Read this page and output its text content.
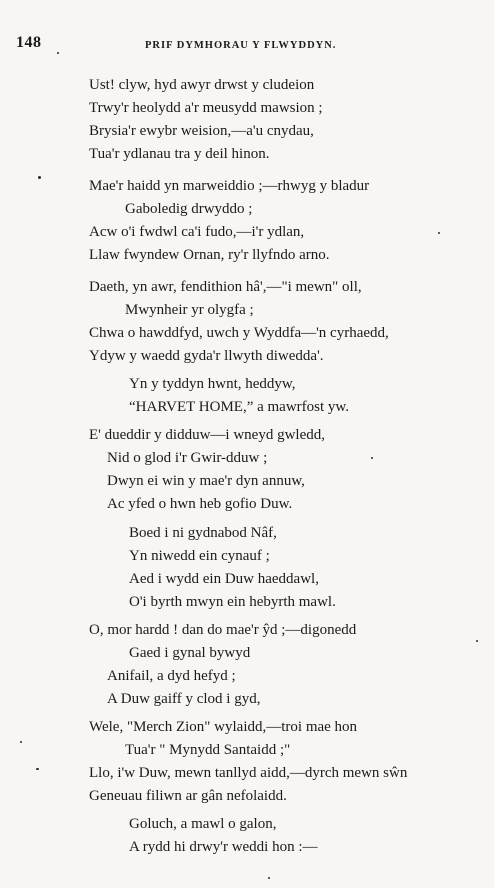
148	PRIF DYMHORAU Y FLWYDDYN.
Ust! clyw, hyd awyr drwst y cludeion
Trwy'r heolydd a'r meusydd mawsion ;
Brysia'r ewybr weision,—a'u cnydau,
Tua'r ydlanau tra y deil hinon.
Mae'r haidd yn marweiddio ;—rhwyg y bladur
Gaboledig drwyddo ;
Acw o'i fwdwl ca'i fudo,—i'r ydlan,
Llaw fwyndew Ornan, ry'r llyfndo arno.
Daeth, yn awr, fendithion hâ',—"i mewn" oll,
Mwynheir yr olygfa ;
Chwa o hawddfyd, uwch y Wyddfa—'n cyrhaedd,
Ydyw y waedd gyda'r llwyth diwedda'.
Yn y tyddyn hwnt, heddyw,
“HARVET HOME,” a mawrfost yw.
E' dueddir y didduw—i wneyd gwledd,
Nid o glod i'r Gwir-dduw ;
Dwyn ei win y mae'r dyn annuw,
Ac yfed o hwn heb gofio Duw.
Boed i ni gydnabod Nâf,
Yn niwedd ein cynauf ;
Aed i wydd ein Duw haeddawl,
O'i byrth mwyn ein hebyrth mawl.
O, mor hardd ! dan do mae'r ŷd ;—digonedd
Gaed i gynal bywyd
Anifail, a dyd hefyd ;
A Duw gaiff y clod i gyd,
Wele, "Merch Zion" wylaidd,—troi mae hon
Tua'r " Mynydd Santaidd ;"
Llo, i'w Duw, mewn tanllyd aidd,—dyrch mewn sŵn
Geneuau filiwn ar gân nefolaidd.
Goluch, a mawl o galon,
A rydd hi drwy'r weddi hon :—
